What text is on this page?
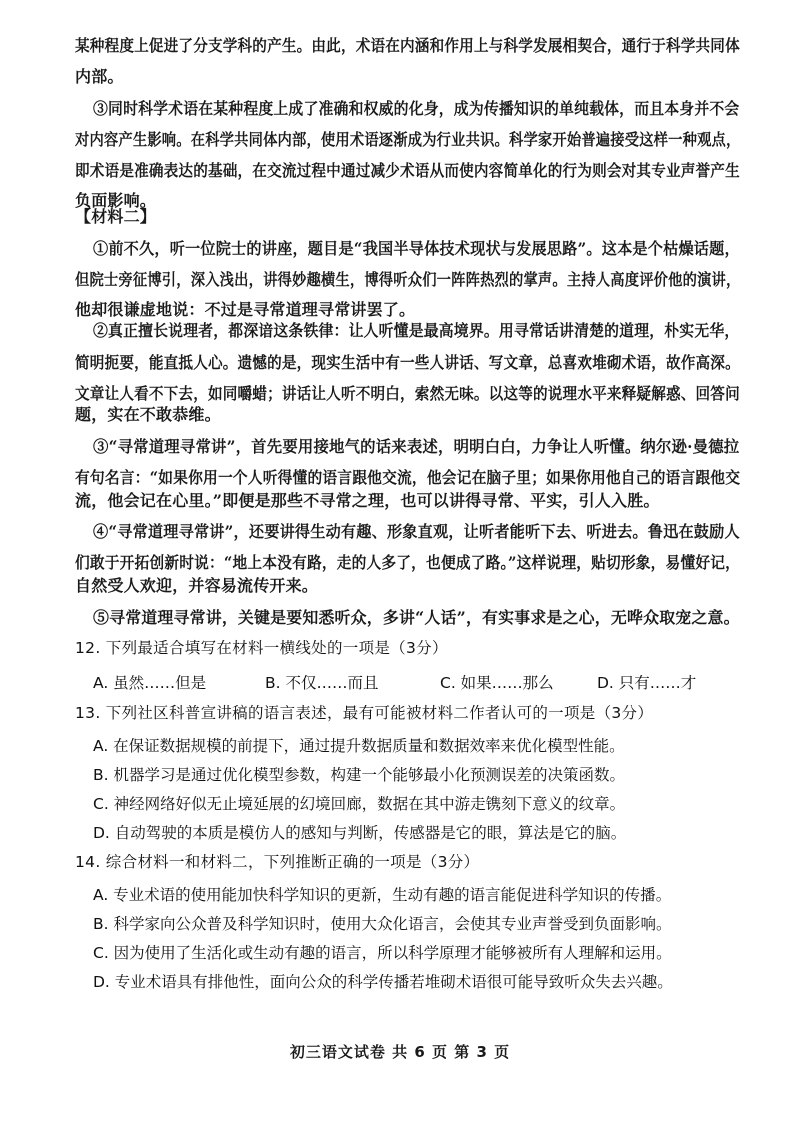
某种程度上促进了分支学科的产生。由此，术语在内涵和作用上与科学发展相契合，通行于科学共同体
内部。
③同时科学术语在某种程度上成了准确和权威的化身，成为传播知识的单纯载体，而且本身并不会
对内容产生影响。在科学共同体内部，使用术语逐渐成为行业共识。科学家开始普遍接受这样一种观点，
即术语是准确表达的基础，在交流过程中通过减少术语从而使内容简单化的行为则会对其专业声誉产生
负面影响。
【材料二】
①前不久，听一位院士的讲座，题目是“我国半导体技术现状与发展思路”。这本是个枯燥话题，
但院士旁征博引，深入浅出，讲得妙趣横生，博得听众们一阵阵热烈的掌声。主持人高度评价他的演讲，
他却很谦虚地说：不过是寻常道理寻常讲罢了。
②真正擅长说理者，都深谙这条铁律：让人听懂是最高境界。用寻常话讲清楚的道理，朴实无华，
简明扼要，能直抵人心。遗憾的是，现实生活中有一些人讲话、写文章，总喜欢堆砌术语，故作高深。
文章让人看不下去，如同嚼蜡；讲话让人听不明白，索然无味。以这等的说理水平来释疑解惑、回答问
题，实在不敢恭维。
③“寻常道理寻常讲”，首先要用接地气的话来表述，明明白白，力争让人听懂。纳尔逊·曼德拉
有句名言：“如果你用一个人听得懂的语言跟他交流，他会记在脑子里；如果你用他自己的语言跟他交
流，他会记在心里。”即便是那些不寻常之理，也可以讲得寻常、平实，引人入胜。
④“寻常道理寻常讲”，还要讲得生动有趣、形象直观，让听者能听下去、听进去。鲁迅在鼓励人
们敢于开拓创新时说：“地上本没有路，走的人多了，也便成了路。”这样说理，贴切形象，易懂好记，
自然受人欢迎，并容易流传开来。
⑤寻常道理寻常讲，关键是要知悉听众，多讲“人话”，有实事求是之心，无哗众取宠之意。
12. 下列最适合填写在材料一横线处的一项是（3分）
A. 虽然……但是	B. 不仅……而且	C. 如果……那么	D. 只有……才
13. 下列社区科普宣讲稿的语言表述，最有可能被材料二作者认可的一项是（3分）
A. 在保证数据规模的前提下，通过提升数据质量和数据效率来优化模型性能。
B. 机器学习是通过优化模型参数，构建一个能够最小化预测误差的决策函数。
C. 神经网络好似无止境延展的幻境回廊，数据在其中游走镌刻下意义的纹章。
D. 自动驾驶的本质是模仿人的感知与判断，传感器是它的眼，算法是它的脑。
14. 综合材料一和材料二，下列推断正确的一项是（3分）
A. 专业术语的使用能加快科学知识的更新，生动有趣的语言能促进科学知识的传播。
B. 科学家向公众普及科学知识时，使用大众化语言，会使其专业声誉受到负面影响。
C. 因为使用了生活化或生动有趣的语言，所以科学原理才能够被所有人理解和运用。
D. 专业术语具有排他性，面向公众的科学传播若堆砌术语很可能导致听众失去兴趣。
初三语文试卷 共 6 页 第 3 页
